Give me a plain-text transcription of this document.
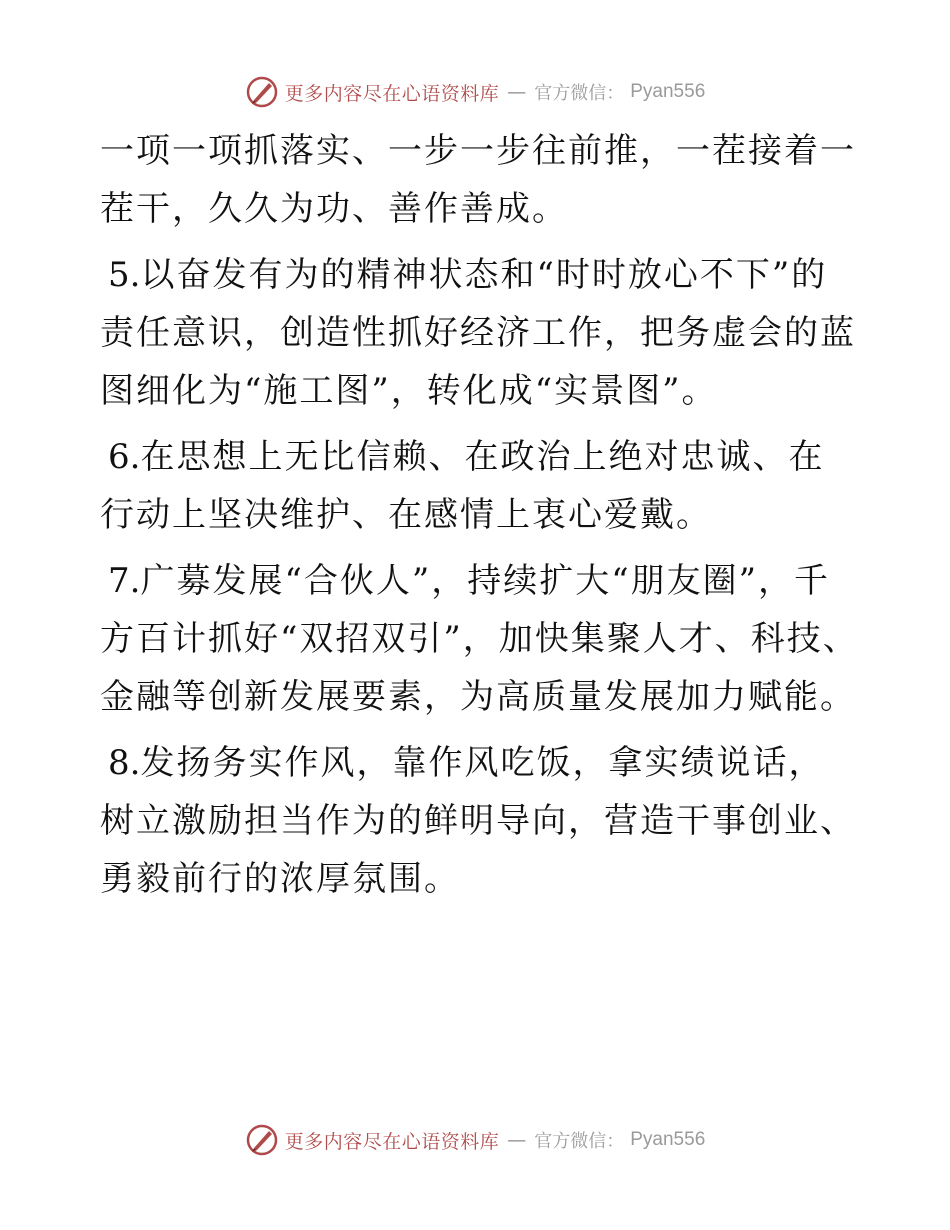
更多内容尽在心语资料库 — 官方微信： Pyan556

一项一项抓落实、一步一步往前推，一茬接着一茬干，久久为功、善作善成。

5.以奋发有为的精神状态和“时时放心不下”的责任意识，创造性抓好经济工作，把务虚会的蓝图细化为“施工图”，转化成“实景图”。

6.在思想上无比信赖、在政治上绝对忠诚、在行动上坚决维护、在感情上衷心爱戴。

7.广募发展“合伙人”，持续扩大“朋友圈”，千方百计抓好“双招双引”，加快集聚人才、科技、金融等创新发展要素，为高质量发展加力赋能。

8.发扬务实作风，靠作风吃饭，拿实绩说话，树立激励担当作为的鲜明导向，营造干事创业、勇毅前行的浓厚氛围。

更多内容尽在心语资料库 — 官方微信： Pyan556
